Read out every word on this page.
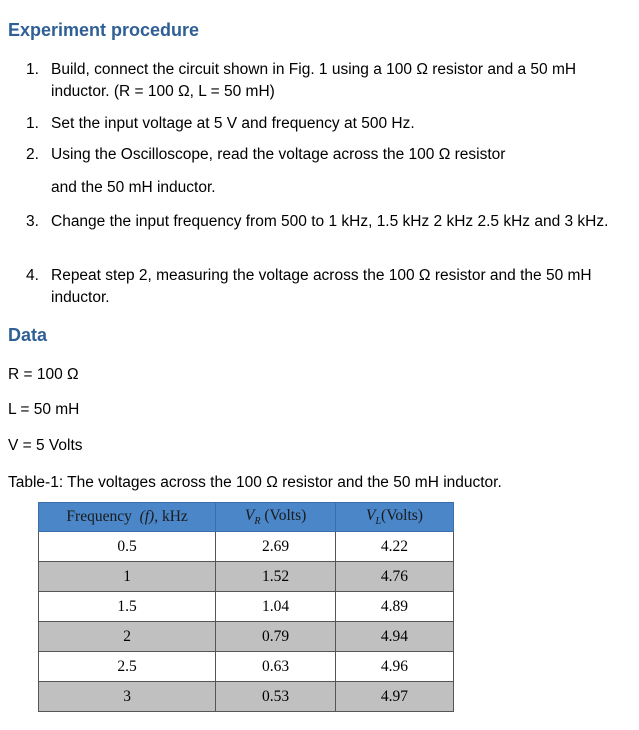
Experiment procedure
1. Build, connect the circuit shown in Fig. 1 using a 100 Ω resistor and a 50 mH inductor. (R = 100 Ω, L = 50 mH)
1. Set the input voltage at 5 V and frequency at 500 Hz.
2. Using the Oscilloscope, read the voltage across the 100 Ω resistor
and the 50 mH inductor.
3. Change the input frequency from 500 to 1 kHz, 1.5 kHz 2 kHz 2.5 kHz and 3 kHz.
4. Repeat step 2, measuring the voltage across the 100 Ω resistor and the 50 mH inductor.
Data
R = 100 Ω
L = 50 mH
V = 5 Volts
Table-1: The voltages across the 100 Ω resistor and the 50 mH inductor.
Frequency (f), kHz	$V_R$ (Volts)	$V_L(Volts)$
0.5	2.69	4.22
1	1.52	4.76
1.5	1.04	4.89
2	0.79	4.94
2.5	0.63	4.96
3	0.53	4.97
